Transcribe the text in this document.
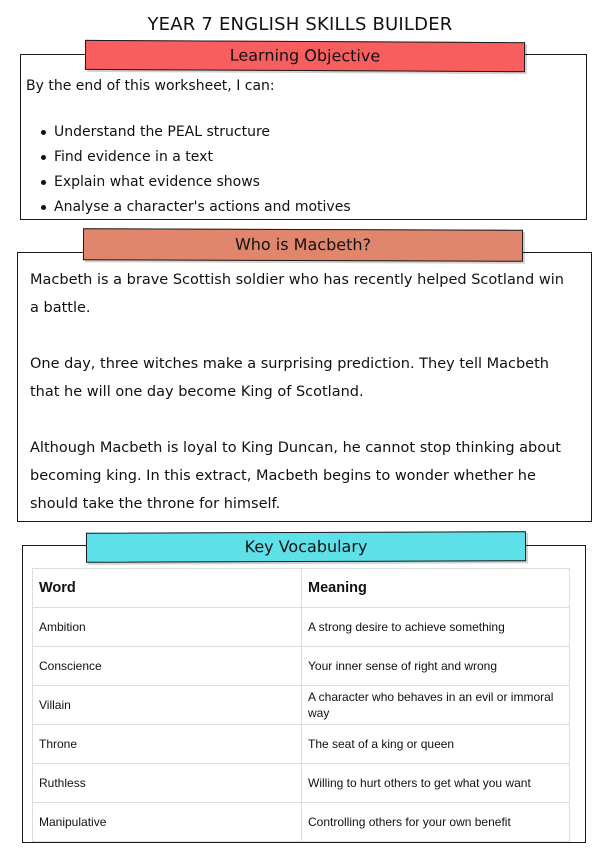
YEAR 7 ENGLISH SKILLS BUILDER
Learning Objective
By the end of this worksheet, I can:
Understand the PEAL structure
Find evidence in a text
Explain what evidence shows
Analyse a character's actions and motives
Who is Macbeth?

Macbeth is a brave Scottish soldier who has recently helped Scotland win a battle.

One day, three witches make a surprising prediction. They tell Macbeth that he will one day become King of Scotland.

Although Macbeth is loyal to King Duncan, he cannot stop thinking about becoming king. In this extract, Macbeth begins to wonder whether he should take the throne for himself.

Key Vocabulary
Word	Meaning
Ambition	A strong desire to achieve something
Conscience	Your inner sense of right and wrong
Villain	A character who behaves in an evil or immoral way
Throne	The seat of a king or queen
Ruthless	Willing to hurt others to get what you want
Manipulative	Controlling others for your own benefit
